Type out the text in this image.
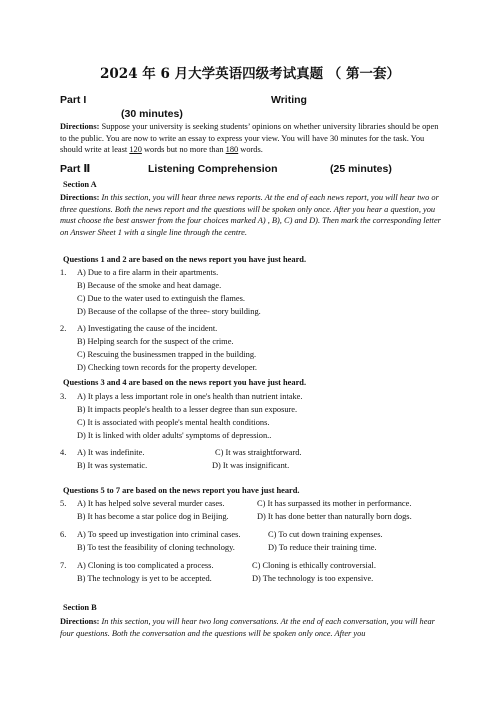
2024 年 6 月大学英语四级考试真题 （ 第一套）
Part I	Writing
(30 minutes)
Directions: Suppose your university is seeking students’ opinions on whether university libraries should be open to the public. You are now to write an essay to express your view. You will have 30 minutes for the task. You should write at least 120 words but no more than 180 words.
Part Ⅱ	Listening Comprehension	(25 minutes)
Section A
Directions: In this section, you will hear three news reports. At the end of each news report, you will hear two or three questions. Both the news report and the questions will be spoken only once. After you hear a question, you must choose the best answer from the four choices marked A) , B), C) and D). Then mark the corresponding letter on Answer Sheet 1 with a single line through the centre.
Questions 1 and 2 are based on the news report you have just heard.
1. A) Due to a fire alarm in their apartments.
B) Because of the smoke and heat damage.
C) Due to the water used to extinguish the flames.
D) Because of the collapse of the three- story building.
2. A) Investigating the cause of the incident.
B) Helping search for the suspect of the crime.
C) Rescuing the businessmen trapped in the building.
D) Checking town records for the property developer.
Questions 3 and 4 are based on the news report you have just heard.
3. A) It plays a less important role in one's health than nutrient intake.
B) It impacts people's health to a lesser degree than sun exposure.
C) It is associated with people's mental health conditions.
D) It is linked with older adults' symptoms of depression..
4. A) It was indefinite.	C) It was straightforward.
B) It was systematic.	D) It was insignificant.
Questions 5 to 7 are based on the news report you have just heard.
5. A) It has helped solve several murder cases.	C) It has surpassed its mother in performance.
B) It has become a star police dog in Beijing.	D) It has done better than naturally born dogs.
6. A) To speed up investigation into criminal cases.	C) To cut down training expenses.
B) To test the feasibility of cloning technology.	D) To reduce their training time.
7. A) Cloning is too complicated a process.	C) Cloning is ethically controversial.
B) The technology is yet to be accepted.	D) The technology is too expensive.
Section B
Directions: In this section, you will hear two long conversations. At the end of each conversation, you will hear four questions. Both the conversation and the questions will be spoken only once. After you
